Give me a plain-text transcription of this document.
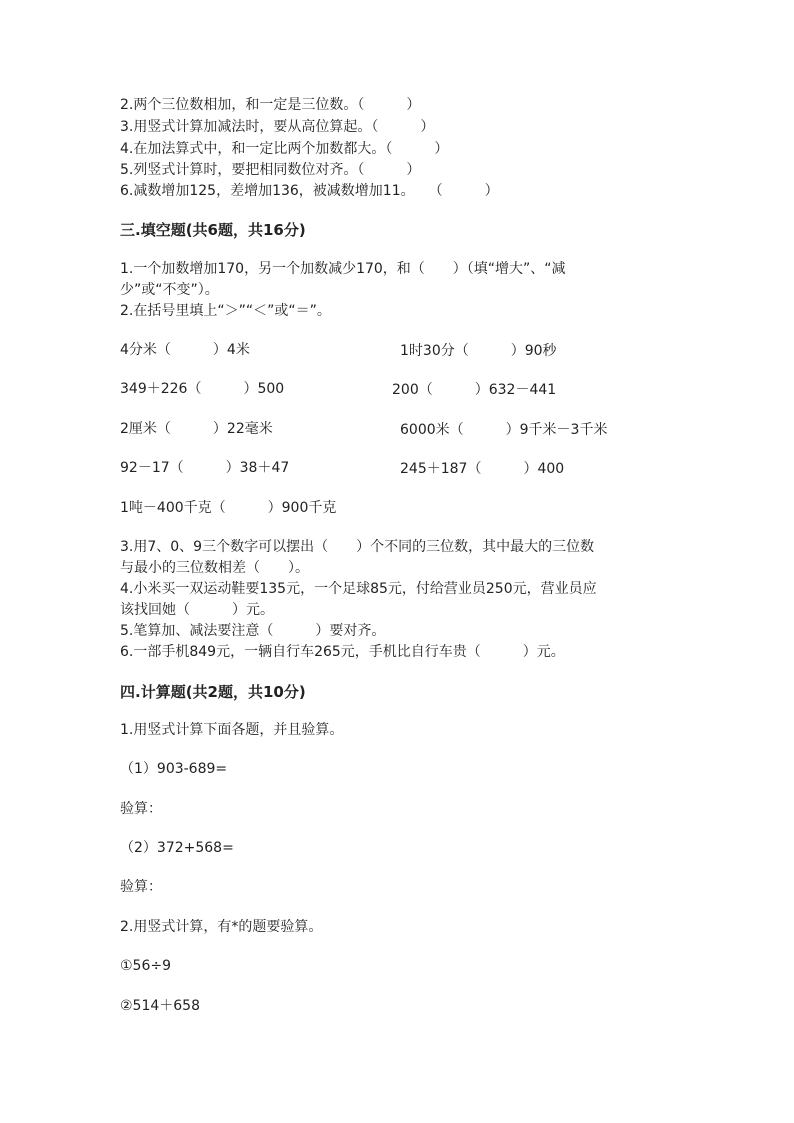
2.两个三位数相加，和一定是三位数。（　　　）
3.用竖式计算加减法时，要从高位算起。（　　　）
4.在加法算式中，和一定比两个加数都大。（　　　）
5.列竖式计算时，要把相同数位对齐。（　　　）
6.减数增加125，差增加136，被减数增加11。　　（　　　）
三.填空题(共6题，共16分)
1.一个加数增加170，另一个加数减少170，和（　　）（填“增大”、“减
少”或“不变”）。
2.在括号里填上“＞”“＜”或“＝”。
4分米（　　　）4米	1时30分（　　　）90秒
349＋226（　　　）500	200（　　　）632－441
2厘米（　　　）22毫米	6000米（　　　）9千米－3千米
92－17（　　　）38＋47	245＋187（　　　）400
1吨－400千克（　　　）900千克
3.用7、0、9三个数字可以摆出（　　）个不同的三位数，其中最大的三位数
与最小的三位数相差（　　）。
4.小米买一双运动鞋要135元，一个足球85元，付给营业员250元，营业员应
该找回她（　　　）元。
5.笔算加、减法要注意（　　　）要对齐。
6.一部手机849元，一辆自行车265元，手机比自行车贵（　　　）元。
四.计算题(共2题，共10分)
1.用竖式计算下面各题，并且验算。
（1）903-689=
验算：
（2）372+568=
验算：
2.用竖式计算，有*的题要验算。
①56÷9
②514＋658
